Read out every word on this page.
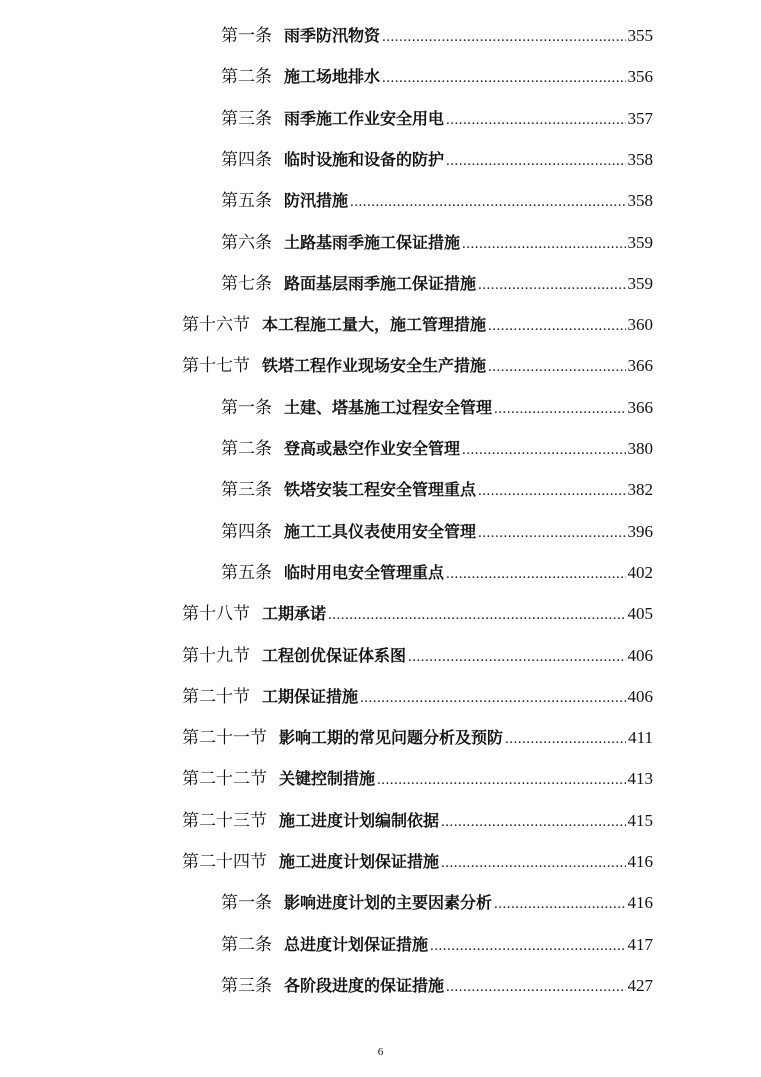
第一条 雨季防汛物资 .....	355
第二条 施工场地排水 .....	356
第三条 雨季施工作业安全用电 .....	357
第四条 临时设施和设备的防护 .....	358
第五条 防汛措施 .....	358
第六条 土路基雨季施工保证措施 .....	359
第七条 路面基层雨季施工保证措施 .....	359
第十六节 本工程施工量大，施工管理措施 .....	360
第十七节 铁塔工程作业现场安全生产措施 .....	366
第一条 土建、塔基施工过程安全管理 .....	366
第二条 登高或悬空作业安全管理 .....	380
第三条 铁塔安装工程安全管理重点 .....	382
第四条 施工工具仪表使用安全管理 .....	396
第五条 临时用电安全管理重点 .....	402
第十八节 工期承诺 .....	405
第十九节 工程创优保证体系图 .....	406
第二十节 工期保证措施 .....	406
第二十一节 影响工期的常见问题分析及预防 .....	411
第二十二节 关键控制措施 .....	413
第二十三节 施工进度计划编制依据 .....	415
第二十四节 施工进度计划保证措施 .....	416
第一条 影响进度计划的主要因素分析 .....	416
第二条 总进度计划保证措施 .....	417
第三条 各阶段进度的保证措施 .....	427
6
